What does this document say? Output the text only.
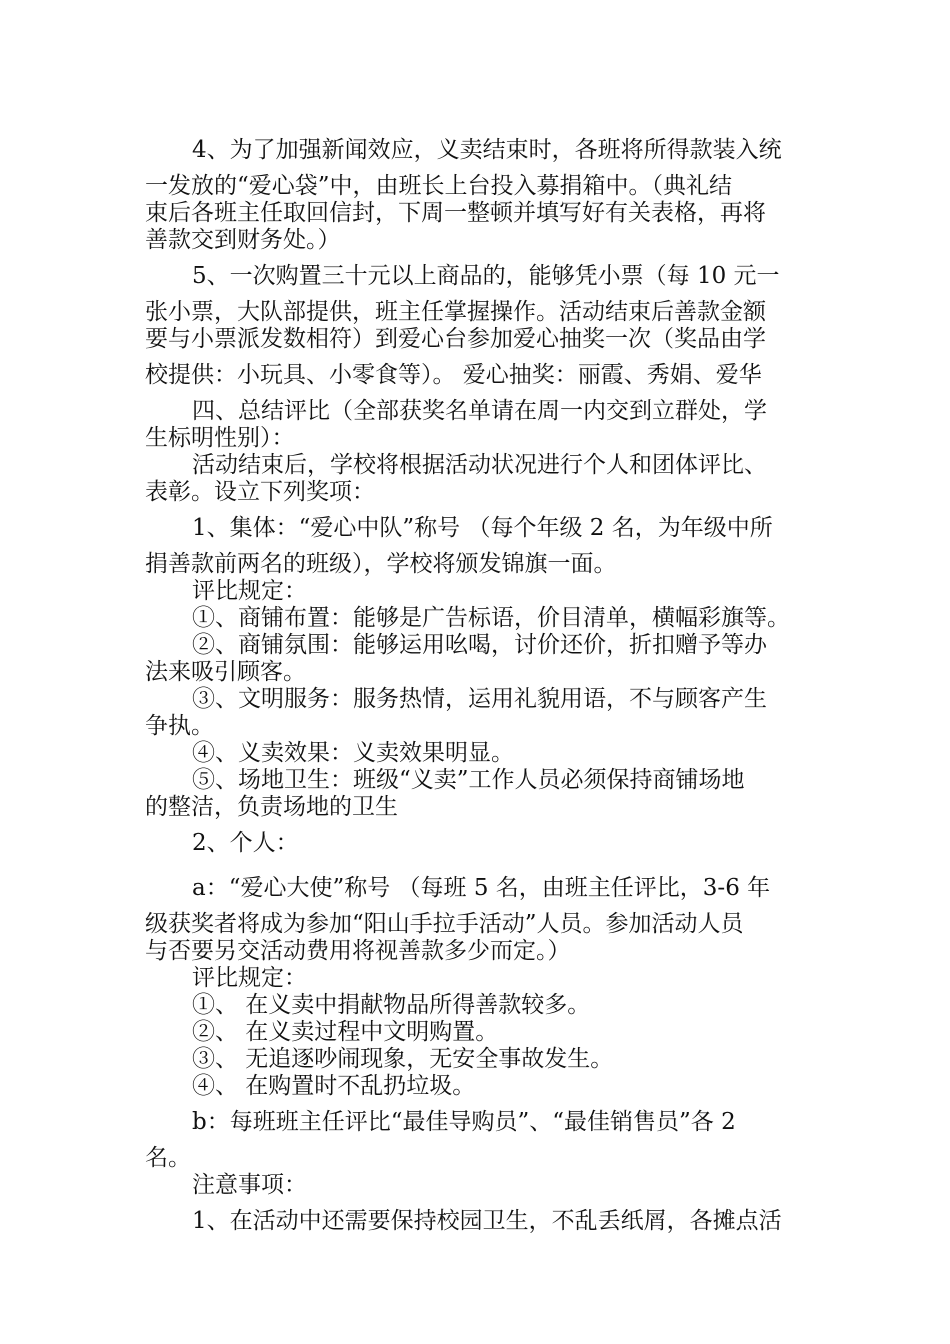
4、为了加强新闻效应，义卖结束时，各班将所得款装入统
一发放的“爱心袋”中，由班长上台投入募捐箱中。（典礼结
束后各班主任取回信封，下周一整顿并填写好有关表格，再将
善款交到财务处。）
5、一次购置三十元以上商品的，能够凭小票（每 10 元一
张小票，大队部提供，班主任掌握操作。活动结束后善款金额
要与小票派发数相符）到爱心台参加爱心抽奖一次（奖品由学
校提供：小玩具、小零食等）。 爱心抽奖：丽霞、秀娟、爱华
四、总结评比（全部获奖名单请在周一内交到立群处，学
生标明性别）：
活动结束后，学校将根据活动状况进行个人和团体评比、
表彰。设立下列奖项：
1、集体：“爱心中队”称号 （每个年级 2 名，为年级中所
捐善款前两名的班级），学校将颁发锦旗一面。
评比规定：
①、商铺布置：能够是广告标语，价目清单，横幅彩旗等。
②、商铺氛围：能够运用吆喝，讨价还价，折扣赠予等办
法来吸引顾客。
③、文明服务：服务热情，运用礼貌用语，不与顾客产生
争执。
④、义卖效果：义卖效果明显。
⑤、场地卫生：班级“义卖”工作人员必须保持商铺场地
的整洁，负责场地的卫生
2、个人：
a：“爱心大使”称号 （每班 5 名，由班主任评比，3-6 年
级获奖者将成为参加“阳山手拉手活动”人员。参加活动人员
与否要另交活动费用将视善款多少而定。）
评比规定：
①、 在义卖中捐献物品所得善款较多。
②、 在义卖过程中文明购置。
③、 无追逐吵闹现象，无安全事故发生。
④、 在购置时不乱扔垃圾。
b：每班班主任评比“最佳导购员”、“最佳销售员”各 2
名。
注意事项：
1、在活动中还需要保持校园卫生，不乱丢纸屑，各摊点活
